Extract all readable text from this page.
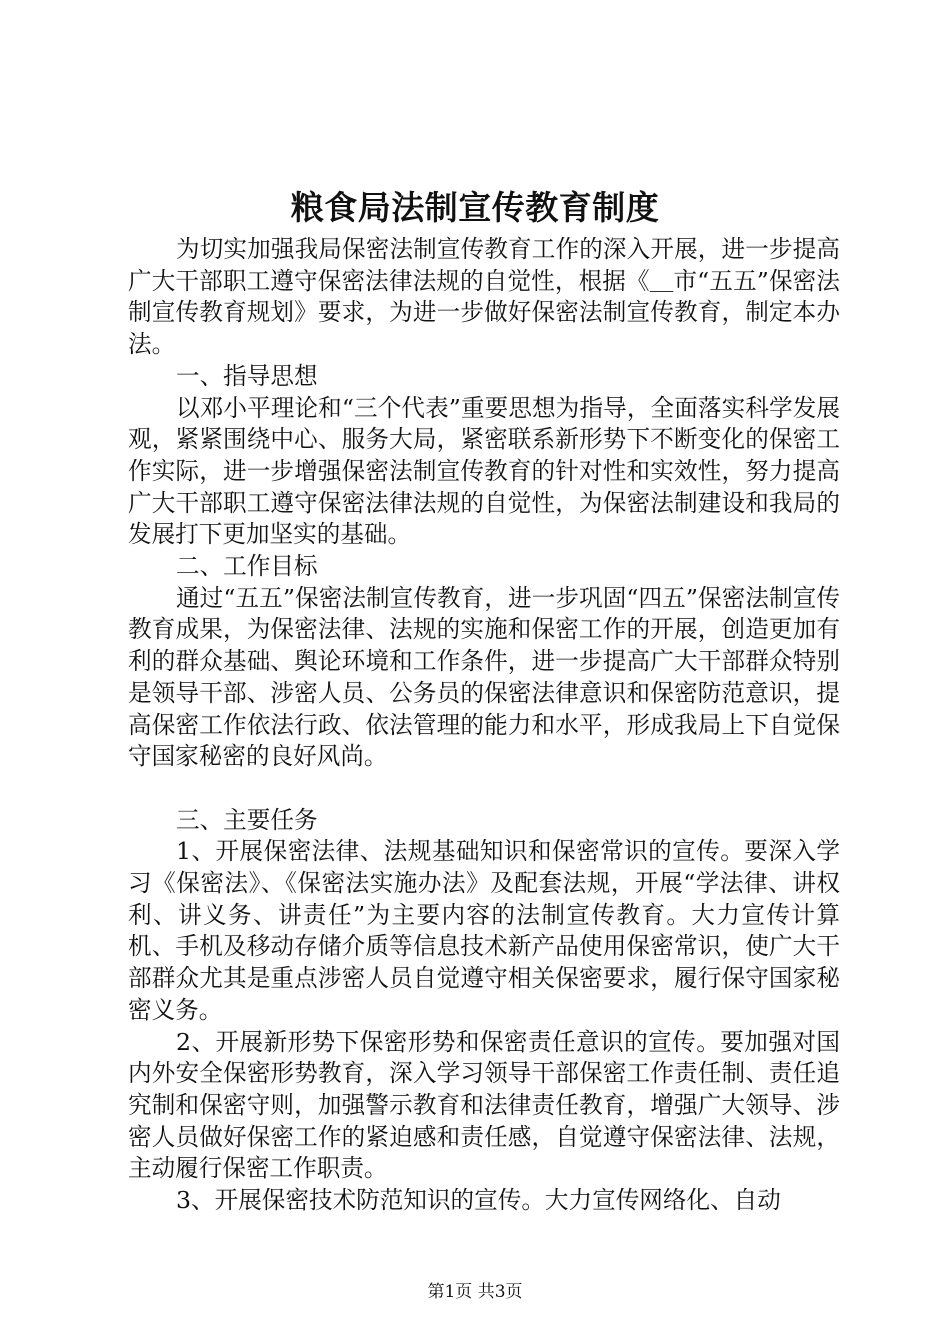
粮食局法制宣传教育制度

为切实加强我局保密法制宣传教育工作的深入开展，进一步提高广大干部职工遵守保密法律法规的自觉性，根据《＿市“五五”保密法制宣传教育规划》要求，为进一步做好保密法制宣传教育，制定本办法。

一、指导思想

以邓小平理论和“三个代表”重要思想为指导，全面落实科学发展观，紧紧围绕中心、服务大局，紧密联系新形势下不断变化的保密工作实际，进一步增强保密法制宣传教育的针对性和实效性，努力提高广大干部职工遵守保密法律法规的自觉性，为保密法制建设和我局的发展打下更加坚实的基础。

二、工作目标

通过“五五”保密法制宣传教育，进一步巩固“四五”保密法制宣传教育成果，为保密法律、法规的实施和保密工作的开展，创造更加有利的群众基础、舆论环境和工作条件，进一步提高广大干部群众特别是领导干部、涉密人员、公务员的保密法律意识和保密防范意识，提高保密工作依法行政、依法管理的能力和水平，形成我局上下自觉保守国家秘密的良好风尚。

三、主要任务

1、开展保密法律、法规基础知识和保密常识的宣传。要深入学习《保密法》、《保密法实施办法》及配套法规，开展“学法律、讲权利、讲义务、讲责任”为主要内容的法制宣传教育。大力宣传计算机、手机及移动存储介质等信息技术新产品使用保密常识，使广大干部群众尤其是重点涉密人员自觉遵守相关保密要求，履行保守国家秘密义务。

2、开展新形势下保密形势和保密责任意识的宣传。要加强对国内外安全保密形势教育，深入学习领导干部保密工作责任制、责任追究制和保密守则，加强警示教育和法律责任教育，增强广大领导、涉密人员做好保密工作的紧迫感和责任感，自觉遵守保密法律、法规，主动履行保密工作职责。

3、开展保密技术防范知识的宣传。大力宣传网络化、自动

第1页 共3页
